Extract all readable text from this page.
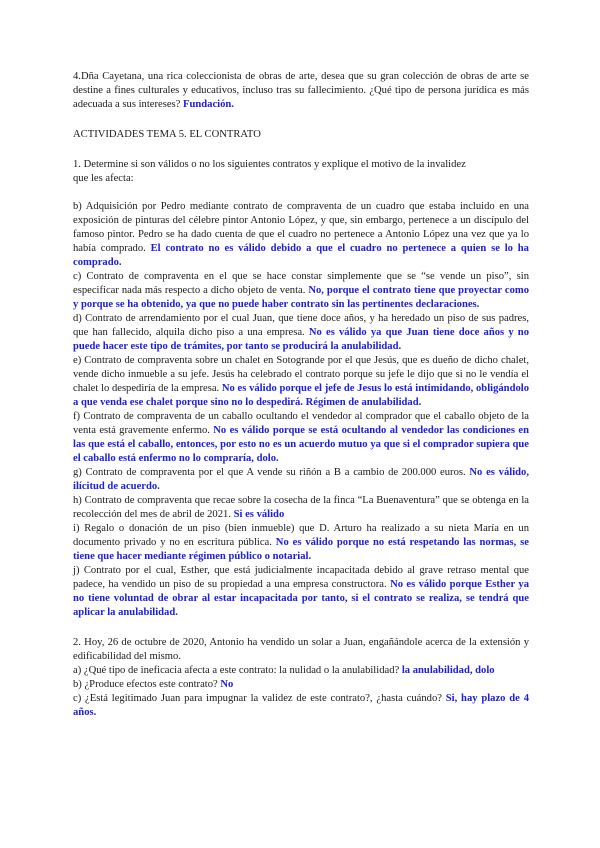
4.Dña Cayetana, una rica coleccionista de obras de arte, desea que su gran colección de obras de arte se destine a fines culturales y educativos, incluso tras su fallecimiento. ¿Qué tipo de persona jurídica es más adecuada a sus intereses? Fundación.

ACTIVIDADES TEMA 5. EL CONTRATO

1. Determine si son válidos o no los siguientes contratos y explique el motivo de la invalidez

que les afecta:

b) Adquisición por Pedro mediante contrato de compraventa de un cuadro que estaba incluido en una exposición de pinturas del célebre pintor Antonio López, y que, sin embargo, pertenece a un discípulo del famoso pintor. Pedro se ha dado cuenta de que el cuadro no pertenece a Antonio López una vez que ya lo había comprado. El contrato no es válido debido a que el cuadro no pertenece a quien se lo ha comprado.

c) Contrato de compraventa en el que se hace constar simplemente que se “se vende un piso”, sin especificar nada más respecto a dicho objeto de venta. No, porque el contrato tiene que proyectar como y porque se ha obtenido, ya que no puede haber contrato sin las pertinentes declaraciones.

d) Contrato de arrendamiento por el cual Juan, que tiene doce años, y ha heredado un piso de sus padres, que han fallecido, alquila dicho piso a una empresa. No es válido ya que Juan tiene doce años y no puede hacer este tipo de trámites, por tanto se producirá la anulabilidad.

e) Contrato de compraventa sobre un chalet en Sotogrande por el que Jesús, que es dueño de dicho chalet, vende dicho inmueble a su jefe. Jesús ha celebrado el contrato porque su jefe le dijo que si no le vendía el chalet lo despediría de la empresa. No es válido porque el jefe de Jesus lo está intimidando, obligándolo a que venda ese chalet porque sino no lo despedirá. Régimen de anulabilidad.

f) Contrato de compraventa de un caballo ocultando el vendedor al comprador que el caballo objeto de la venta está gravemente enfermo. No es válido porque se está ocultando al vendedor las condiciones en las que está el caballo, entonces, por esto no es un acuerdo mutuo ya que si el comprador supiera que el caballo está enfermo no lo compraría, dolo.

g) Contrato de compraventa por el que A vende su riñón a B a cambio de 200.000 euros. No es válido, ilícitud de acuerdo.

h) Contrato de compraventa que recae sobre la cosecha de la finca “La Buenaventura” que se obtenga en la recolección del mes de abril de 2021. Si es válido

i) Regalo o donación de un piso (bien inmueble) que D. Arturo ha realizado a su nieta María en un documento privado y no en escritura pública. No es válido porque no está respetando las normas, se tiene que hacer mediante régimen público o notarial.

j) Contrato por el cual, Esther, que está judicialmente incapacitada debido al grave retraso mental que padece, ha vendido un piso de su propiedad a una empresa constructora. No es válido porque Esther ya no tiene voluntad de obrar al estar incapacitada por tanto, si el contrato se realiza, se tendrá que aplicar la anulabilidad.

2. Hoy, 26 de octubre de 2020, Antonio ha vendido un solar a Juan, engañándole acerca de la extensión y edificabilidad del mismo.

a) ¿Qué tipo de ineficacia afecta a este contrato: la nulidad o la anulabilidad? la anulabilidad, dolo

b) ¿Produce efectos este contrato? No

c) ¿Está legitimado Juan para impugnar la validez de este contrato?, ¿hasta cuándo? Si, hay plazo de 4 años.
